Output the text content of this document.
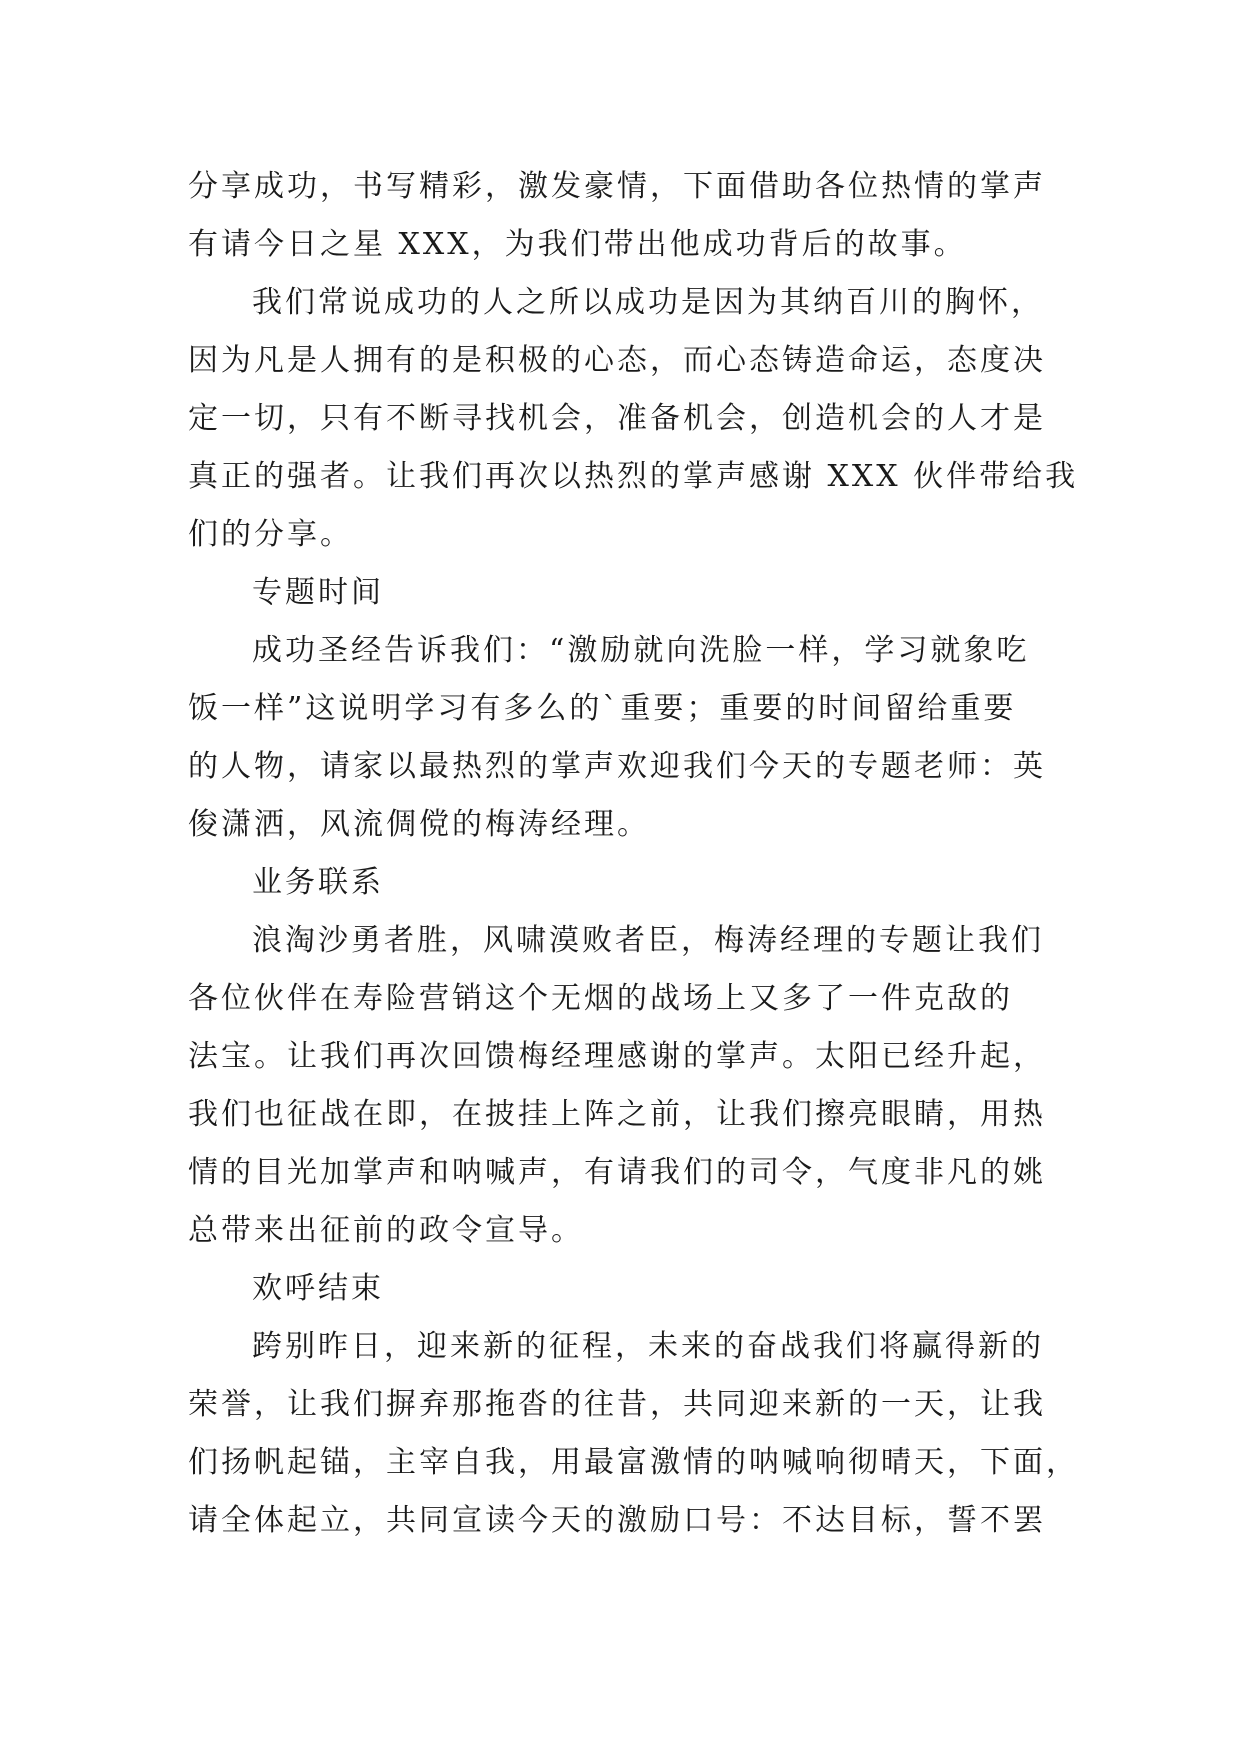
分享成功，书写精彩，激发豪情，下面借助各位热情的掌声
有请今日之星 XXX，为我们带出他成功背后的故事。
我们常说成功的人之所以成功是因为其纳百川的胸怀，
因为凡是人拥有的是积极的心态，而心态铸造命运，态度决
定一切，只有不断寻找机会，准备机会，创造机会的人才是
真正的强者。让我们再次以热烈的掌声感谢 XXX 伙伴带给我
们的分享。
专题时间
成功圣经告诉我们：“激励就向洗脸一样，学习就象吃
饭一样”这说明学习有多么的`重要；重要的时间留给重要
的人物，请家以最热烈的掌声欢迎我们今天的专题老师：英
俊潇洒，风流倜傥的梅涛经理。
业务联系
浪淘沙勇者胜，风啸漠败者臣，梅涛经理的专题让我们
各位伙伴在寿险营销这个无烟的战场上又多了一件克敌的
法宝。让我们再次回馈梅经理感谢的掌声。太阳已经升起，
我们也征战在即，在披挂上阵之前，让我们擦亮眼睛，用热
情的目光加掌声和呐喊声，有请我们的司令，气度非凡的姚
总带来出征前的政令宣导。
欢呼结束
跨别昨日，迎来新的征程，未来的奋战我们将赢得新的
荣誉，让我们摒弃那拖沓的往昔，共同迎来新的一天，让我
们扬帆起锚，主宰自我，用最富激情的呐喊响彻晴天，下面，
请全体起立，共同宣读今天的激励口号：不达目标，誓不罢
